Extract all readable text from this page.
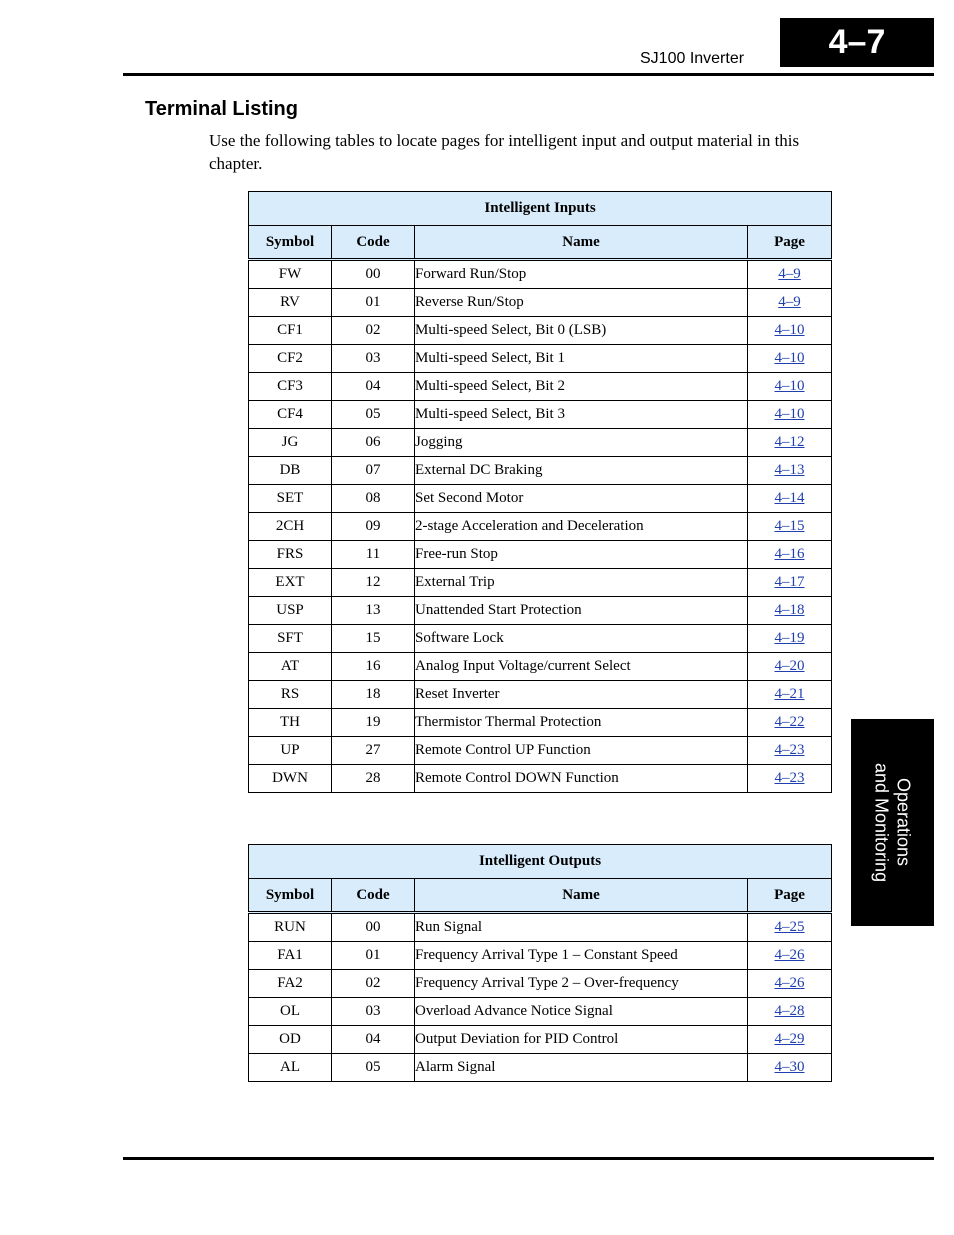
SJ100 Inverter	4–7
Terminal Listing
Use the following tables to locate pages for intelligent input and output material in this chapter.
Intelligent Inputs			
Symbol	Code	Name	Page
FW	00	Forward Run/Stop	4–9
RV	01	Reverse Run/Stop	4–9
CF1	02	Multi-speed Select, Bit 0 (LSB)	4–10
CF2	03	Multi-speed Select, Bit 1	4–10
CF3	04	Multi-speed Select, Bit 2	4–10
CF4	05	Multi-speed Select, Bit 3	4–10
JG	06	Jogging	4–12
DB	07	External DC Braking	4–13
SET	08	Set Second Motor	4–14
2CH	09	2-stage Acceleration and Deceleration	4–15
FRS	11	Free-run Stop	4–16
EXT	12	External Trip	4–17
USP	13	Unattended Start Protection	4–18
SFT	15	Software Lock	4–19
AT	16	Analog Input Voltage/current Select	4–20
RS	18	Reset Inverter	4–21
TH	19	Thermistor Thermal Protection	4–22
UP	27	Remote Control UP Function	4–23
DWN	28	Remote Control DOWN Function	4–23
Intelligent Outputs			
Symbol	Code	Name	Page
RUN	00	Run Signal	4–25
FA1	01	Frequency Arrival Type 1 – Constant Speed	4–26
FA2	02	Frequency Arrival Type 2 – Over-frequency	4–26
OL	03	Overload Advance Notice Signal	4–28
OD	04	Output Deviation for PID Control	4–29
AL	05	Alarm Signal	4–30
Operations
and Monitoring
